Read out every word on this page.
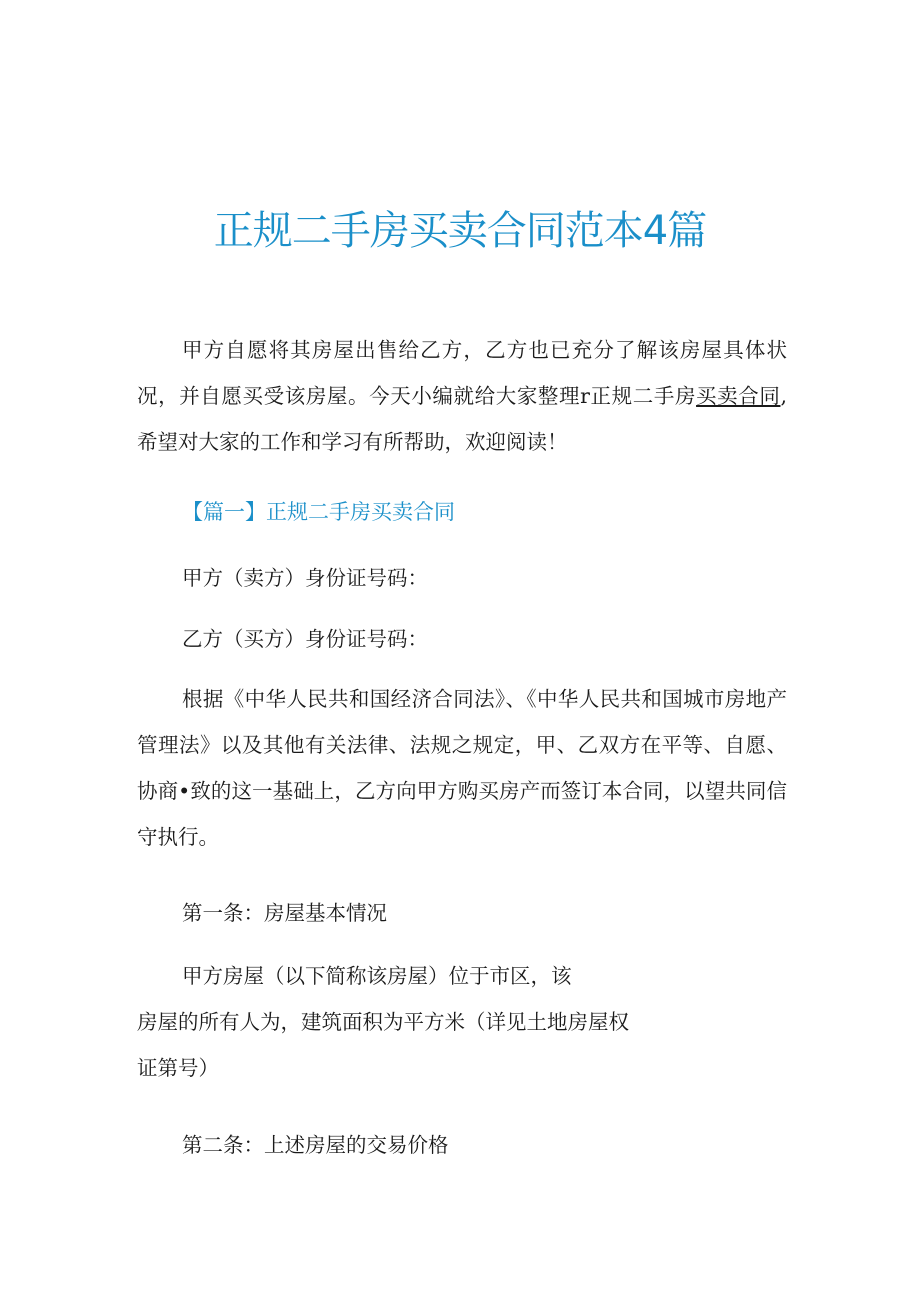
正规二手房买卖合同范本4篇

甲方自愿将其房屋出售给乙方，乙方也已充分了解该房屋具体状况，并自愿买受该房屋。今天小编就给大家整理r正规二手房买卖合同,希望对大家的工作和学习有所帮助，欢迎阅读！

【篇一】正规二手房买卖合同

甲方（卖方）身份证号码：

乙方（买方）身份证号码：

根据《中华人民共和国经济合同法》、《中华人民共和国城市房地产管理法》以及其他有关法律、法规之规定，甲、乙双方在平等、自愿、协商•致的这一基础上，乙方向甲方购买房产而签订本合同，以望共同信守执行。

第一条：房屋基本情况

甲方房屋（以下简称该房屋）位于市区，该
房屋的所有人为，建筑面积为平方米（详见土地房屋权
证第号）

第二条：上述房屋的交易价格
